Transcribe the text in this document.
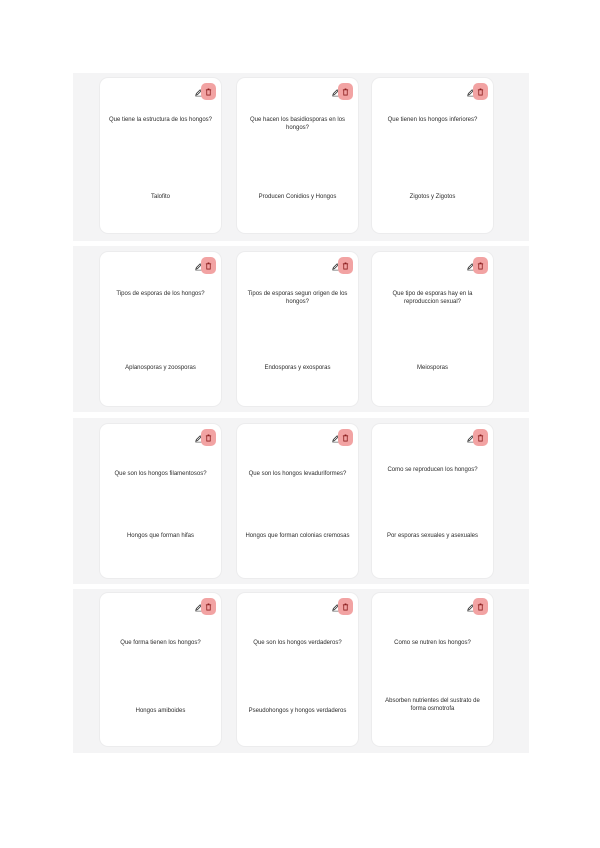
Que tiene la estructura de los hongos?
Talofito
Que hacen los basidiosporas en los hongos?
Producen Conidios y Hongos
Que tienen los hongos inferiores?
Zigotos y Zigotos
Tipos de esporas de los hongos?
Aplanosporas y zoosporas
Tipos de esporas segun origen de los hongos?
Endosporas y exosporas
Que tipo de esporas hay en la reproduccion sexual?
Meiosporas
Que son los hongos filamentosos?
Hongos que forman hifas
Que son los hongos levaduriformes?
Hongos que forman colonias cremosas
Como se reproducen los hongos?
Por esporas sexuales y asexuales
Que forma tienen los hongos?
Hongos amiboides
Que son los hongos verdaderos?
Pseudohongos y hongos verdaderos
Como se nutren los hongos?
Absorben nutrientes del sustrato de forma osmotrofa
